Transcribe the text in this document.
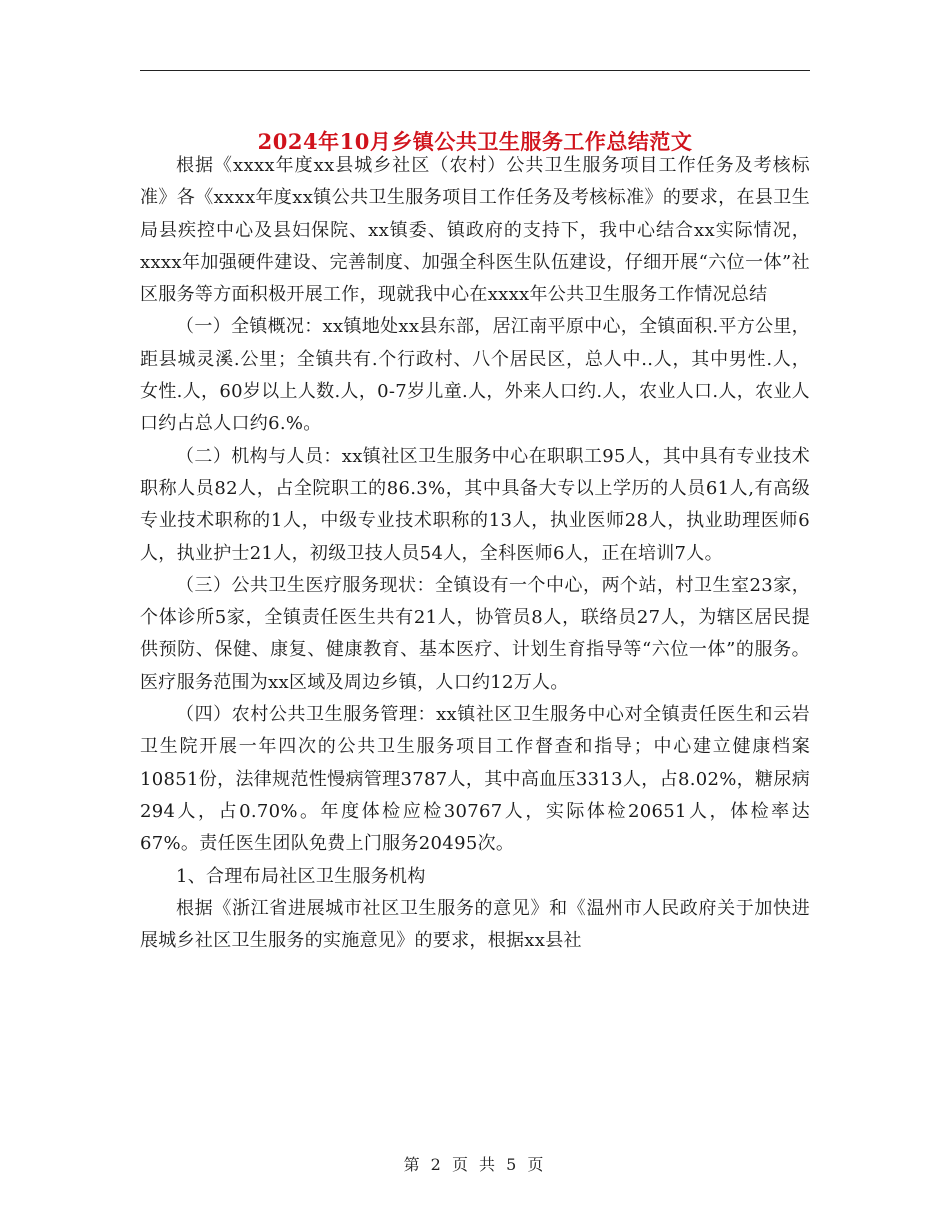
2024年10月乡镇公共卫生服务工作总结范文

根据《xxxx年度xx县城乡社区（农村）公共卫生服务项目工作任务及考核标准》各《xxxx年度xx镇公共卫生服务项目工作任务及考核标准》的要求，在县卫生局县疾控中心及县妇保院、xx镇委、镇政府的支持下，我中心结合xx实际情况，xxxx年加强硬件建设、完善制度、加强全科医生队伍建设，仔细开展“六位一体”社区服务等方面积极开展工作，现就我中心在xxxx年公共卫生服务工作情况总结

（一）全镇概况：xx镇地处xx县东部，居江南平原中心，全镇面积.平方公里，距县城灵溪.公里；全镇共有.个行政村、八个居民区，总人中..人，其中男性.人，女性.人，60岁以上人数.人，0-7岁儿童.人，外来人口约.人，农业人口.人，农业人口约占总人口约6.%。

（二）机构与人员：xx镇社区卫生服务中心在职职工95人，其中具有专业技术职称人员82人，占全院职工的86.3%，其中具备大专以上学历的人员61人,有高级专业技术职称的1人，中级专业技术职称的13人，执业医师28人，执业助理医师6人，执业护士21人，初级卫技人员54人，全科医师6人，正在培训7人。

（三）公共卫生医疗服务现状：全镇设有一个中心，两个站，村卫生室23家，个体诊所5家，全镇责任医生共有21人，协管员8人，联络员27人，为辖区居民提供预防、保健、康复、健康教育、基本医疗、计划生育指导等“六位一体”的服务。医疗服务范围为xx区域及周边乡镇，人口约12万人。

（四）农村公共卫生服务管理：xx镇社区卫生服务中心对全镇责任医生和云岩卫生院开展一年四次的公共卫生服务项目工作督查和指导；中心建立健康档案10851份，法律规范性慢病管理3787人，其中高血压3313人，占8.02%，糖尿病294人，占0.70%。年度体检应检30767人，实际体检20651人，体检率达67%。责任医生团队免费上门服务20495次。

1、合理布局社区卫生服务机构

根据《浙江省进展城市社区卫生服务的意见》和《温州市人民政府关于加快进展城乡社区卫生服务的实施意见》的要求，根据xx县社

第 2 页 共 5 页
